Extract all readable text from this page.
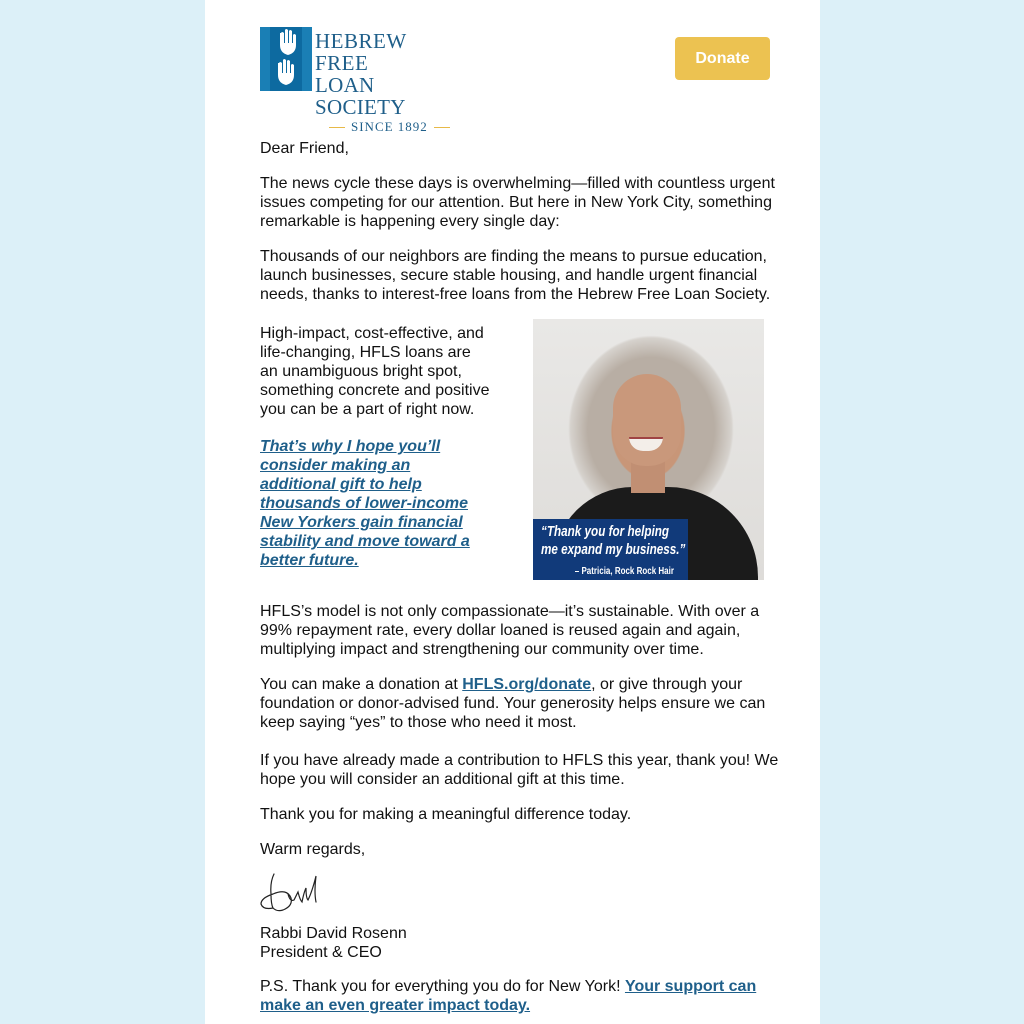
HEBREW FREE
LOAN SOCIETY
SINCE 1892
Donate

Dear Friend,

The news cycle these days is overwhelming—filled with countless urgent issues competing for our attention. But here in New York City, something remarkable is happening every single day:

Thousands of our neighbors are finding the means to pursue education, launch businesses, secure stable housing, and handle urgent financial needs, thanks to interest-free loans from the Hebrew Free Loan Society.

High-impact, cost-effective, and life-changing, HFLS loans are an unambiguous bright spot, something concrete and positive you can be a part of right now.

That’s why I hope you’ll consider making an additional gift to help thousands of lower-income New Yorkers gain financial stability and move toward a better future.

“Thank you for helping
me expand my business.”
– Patricia, Rock Rock Hair

HFLS’s model is not only compassionate—it’s sustainable. With over a 99% repayment rate, every dollar loaned is reused again and again, multiplying impact and strengthening our community over time.

You can make a donation at HFLS.org/donate, or give through your foundation or donor-advised fund. Your generosity helps ensure we can keep saying “yes” to those who need it most.

If you have already made a contribution to HFLS this year, thank you! We hope you will consider an additional gift at this time.

Thank you for making a meaningful difference today.

Warm regards,

Rabbi David Rosenn
President & CEO

P.S. Thank you for everything you do for New York! Your support can make an even greater impact today.
